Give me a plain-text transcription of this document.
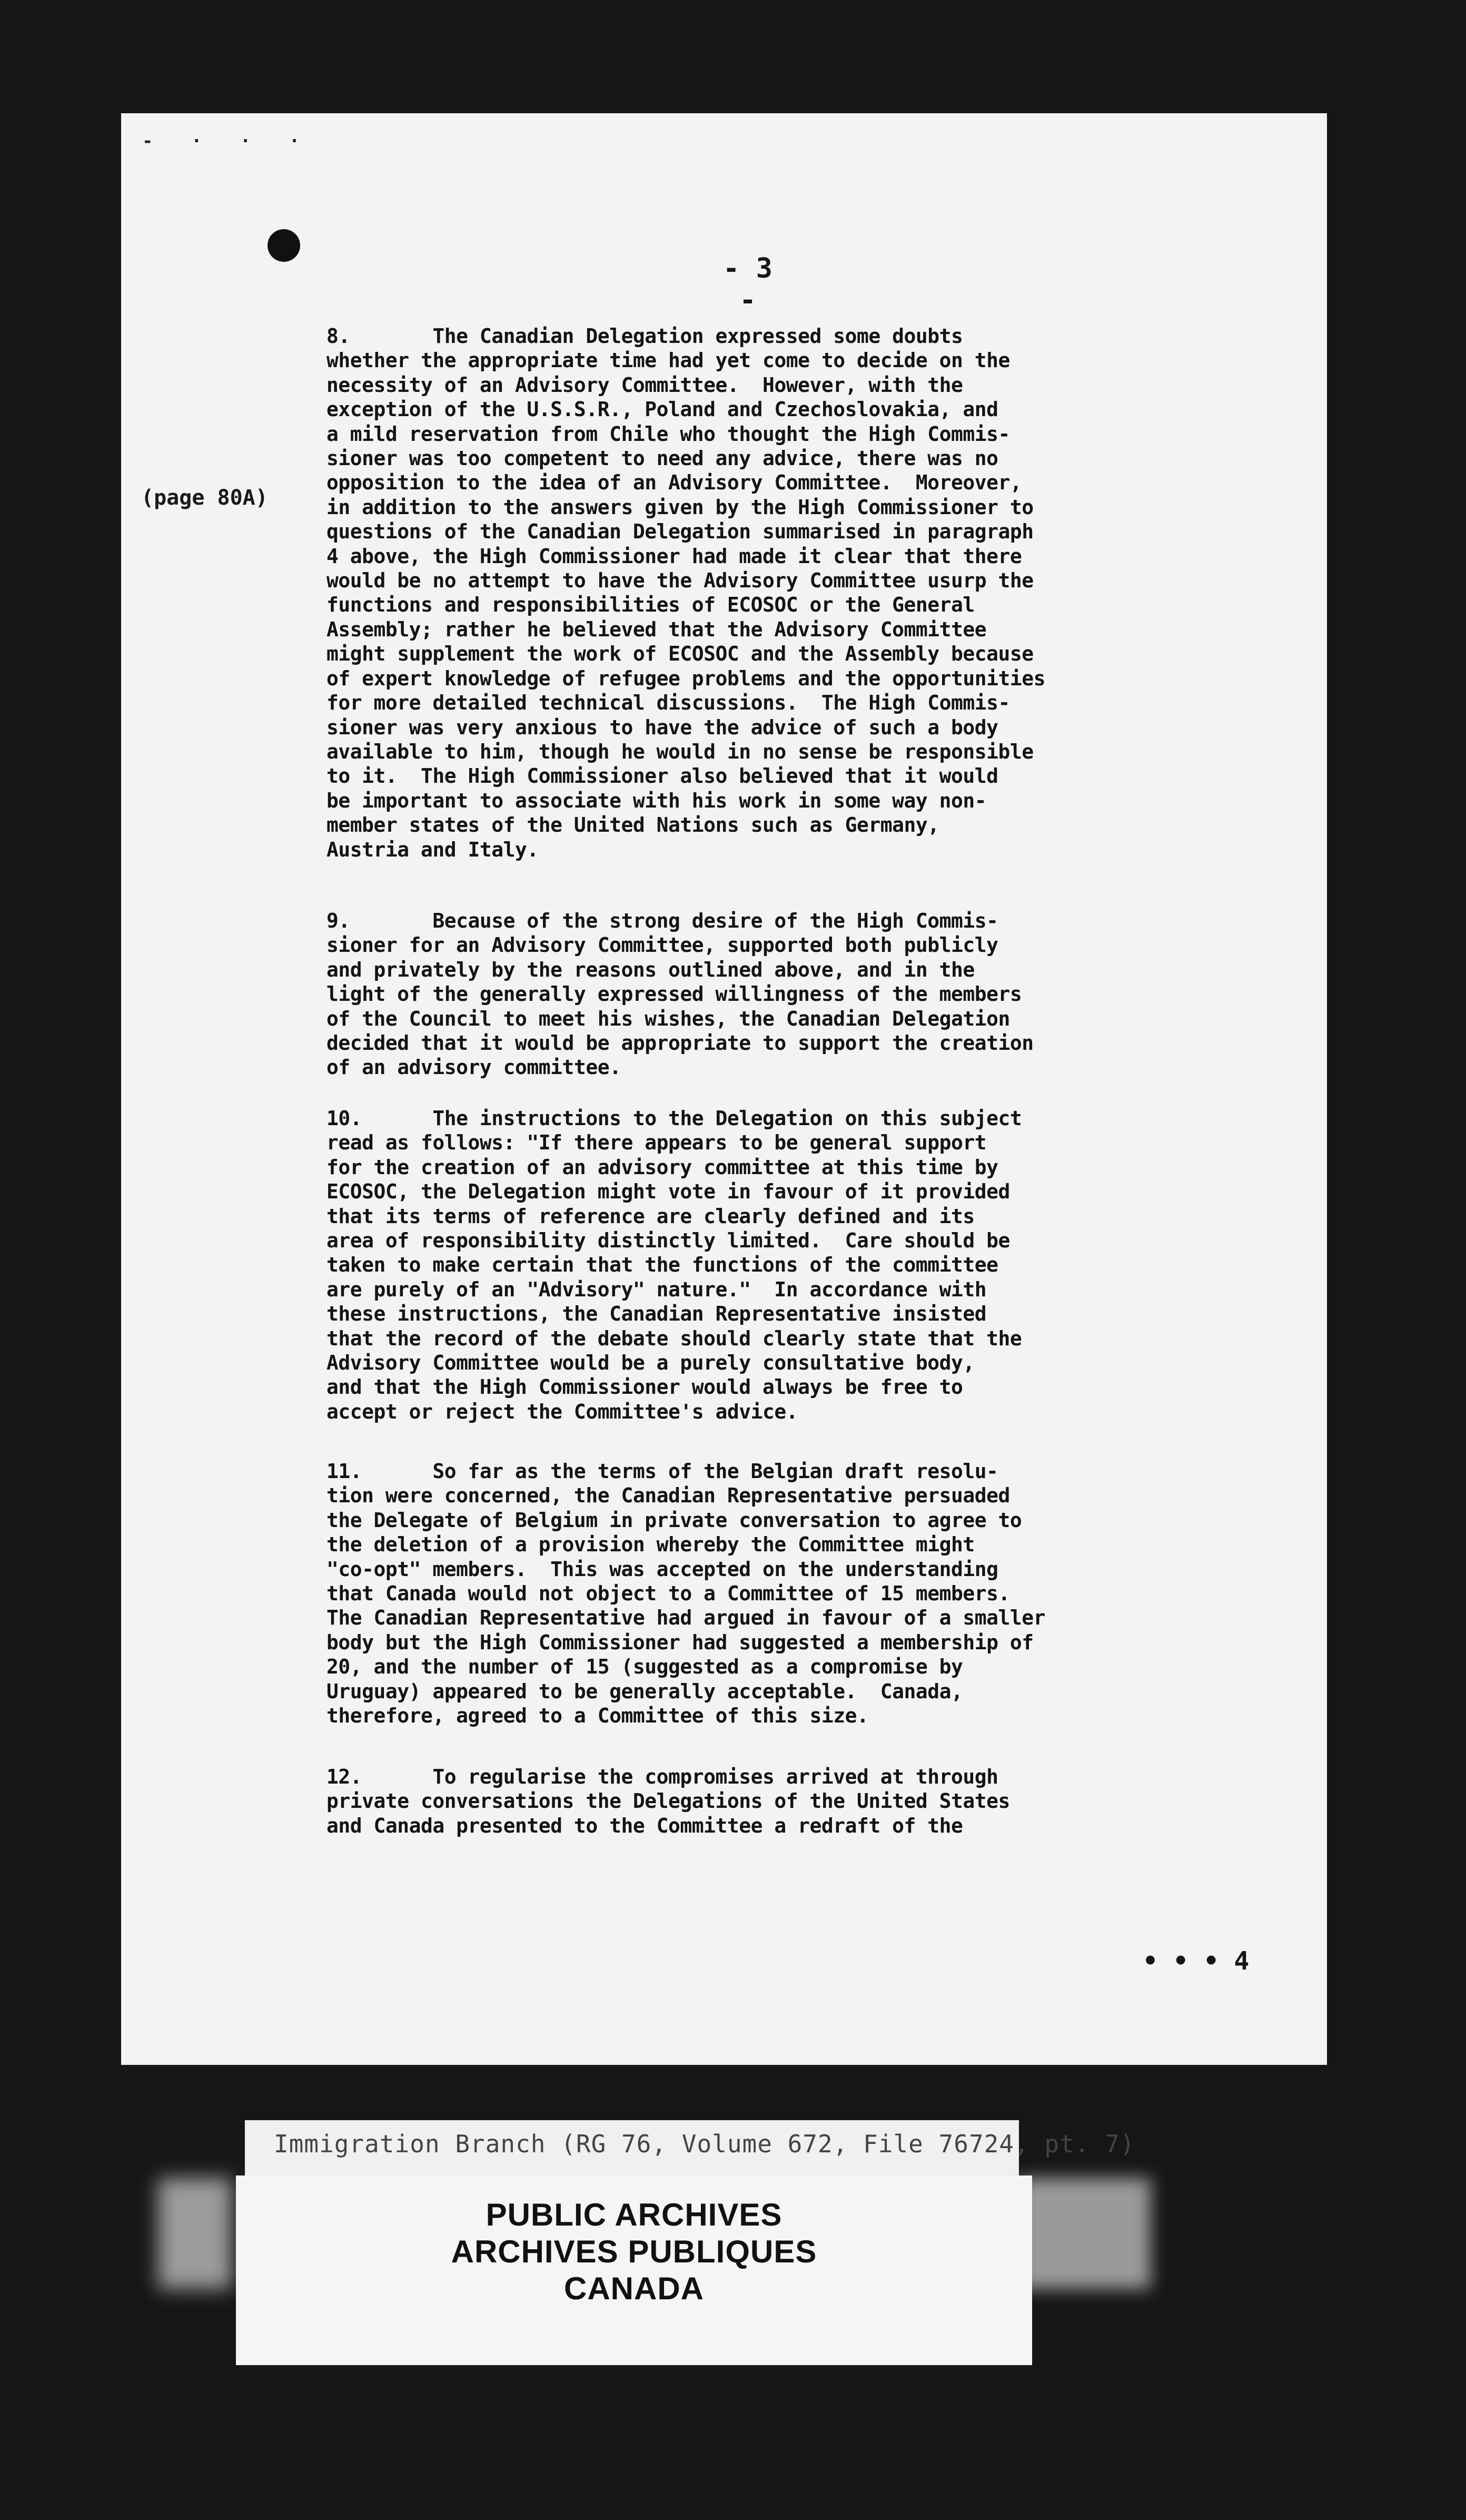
- · · ·
- 3 -
(page 80A)
8.       The Canadian Delegation expressed some doubts
whether the appropriate time had yet come to decide on the
necessity of an Advisory Committee.  However, with the
exception of the U.S.S.R., Poland and Czechoslovakia, and
a mild reservation from Chile who thought the High Commis-
sioner was too competent to need any advice, there was no
opposition to the idea of an Advisory Committee.  Moreover,
in addition to the answers given by the High Commissioner to
questions of the Canadian Delegation summarised in paragraph
4 above, the High Commissioner had made it clear that there
would be no attempt to have the Advisory Committee usurp the
functions and responsibilities of ECOSOC or the General
Assembly; rather he believed that the Advisory Committee
might supplement the work of ECOSOC and the Assembly because
of expert knowledge of refugee problems and the opportunities
for more detailed technical discussions.  The High Commis-
sioner was very anxious to have the advice of such a body
available to him, though he would in no sense be responsible
to it.  The High Commissioner also believed that it would
be important to associate with his work in some way non-
member states of the United Nations such as Germany,
Austria and Italy.
9.       Because of the strong desire of the High Commis-
sioner for an Advisory Committee, supported both publicly
and privately by the reasons outlined above, and in the
light of the generally expressed willingness of the members
of the Council to meet his wishes, the Canadian Delegation
decided that it would be appropriate to support the creation
of an advisory committee.
10.      The instructions to the Delegation on this subject
read as follows: "If there appears to be general support
for the creation of an advisory committee at this time by
ECOSOC, the Delegation might vote in favour of it provided
that its terms of reference are clearly defined and its
area of responsibility distinctly limited.  Care should be
taken to make certain that the functions of the committee
are purely of an "Advisory" nature."  In accordance with
these instructions, the Canadian Representative insisted
that the record of the debate should clearly state that the
Advisory Committee would be a purely consultative body,
and that the High Commissioner would always be free to
accept or reject the Committee's advice.
11.      So far as the terms of the Belgian draft resolu-
tion were concerned, the Canadian Representative persuaded
the Delegate of Belgium in private conversation to agree to
the deletion of a provision whereby the Committee might
"co-opt" members.  This was accepted on the understanding
that Canada would not object to a Committee of 15 members.
The Canadian Representative had argued in favour of a smaller
body but the High Commissioner had suggested a membership of
20, and the number of 15 (suggested as a compromise by
Uruguay) appeared to be generally acceptable.  Canada,
therefore, agreed to a Committee of this size.
12.      To regularise the compromises arrived at through
private conversations the Delegations of the United States
and Canada presented to the Committee a redraft of the
• • • 4
Immigration Branch (RG 76, Volume 672, File 76724, pt. 7)
PUBLIC ARCHIVES
ARCHIVES PUBLIQUES
CANADA
